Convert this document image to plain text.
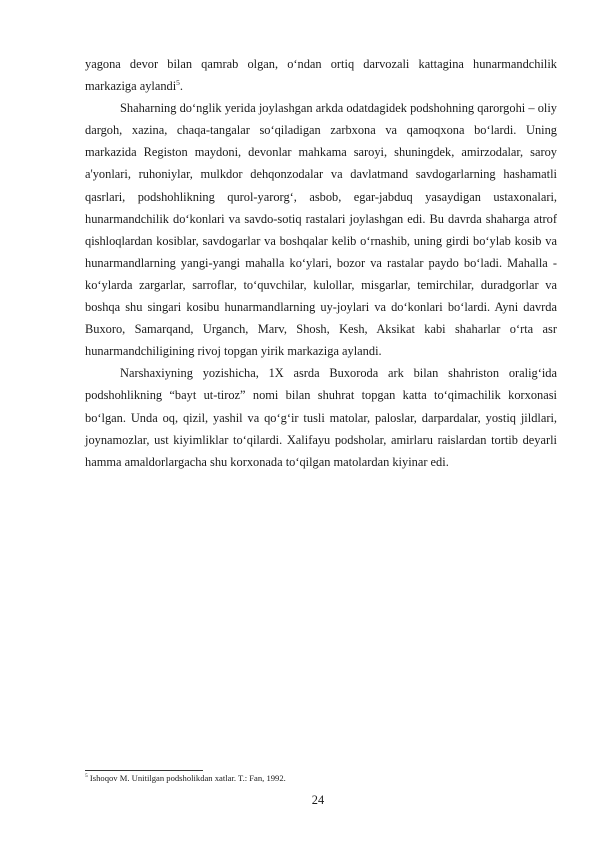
yagona devor bilan qamrab olgan, o‘ndan ortiq darvozali kattagina hunarmandchilik markaziga aylandi$^5$.

Shaharning do‘nglik yerida joylashgan arkda odatdagidek podshohning qarorgohi – oliy dargoh, xazina, chaqa-tangalar so‘qiladigan zarbxona va qamoqxona bo‘lardi. Uning markazida Registon maydoni, devonlar mahkama saroyi, shuningdek, amirzodalar, saroy a'yonlari, ruhoniylar, mulkdor dehqonzodalar va davlatmand savdogarlarning hashamatli qasrlari, podshohlikning qurol-yarorg‘, asbob, egar-jabduq yasaydigan ustaxonalari, hunarmandchilik do‘konlari va savdo-sotiq rastalari joylashgan edi. Bu davrda shaharga atrof qishloqlardan kosiblar, savdogarlar va boshqalar kelib o‘rnashib, uning girdi bo‘ylab kosib va hunarmandlarning yangi-yangi mahalla ko‘ylari, bozor va rastalar paydo bo‘ladi. Mahalla -ko‘ylarda zargarlar, sarroflar, to‘quvchilar, kulollar, misgarlar, temirchilar, duradgorlar va boshqa shu singari kosibu hunarmandlarning uy-joylari va do‘konlari bo‘lardi. Ayni davrda Buxoro, Samarqand, Urganch, Marv, Shosh, Kesh, Aksikat kabi shaharlar o‘rta asr hunarmandchiligining rivoj topgan yirik markaziga aylandi.

Narshaxiyning yozishicha, 1X asrda Buxoroda ark bilan shahriston oralig‘ida podshohlikning “bayt ut-tiroz” nomi bilan shuhrat topgan katta to‘qimachilik korxonasi bo‘lgan. Unda oq, qizil, yashil va qo‘g‘ir tusli matolar, paloslar, darpardalar, yostiq jildlari, joynamozlar, ust kiyimliklar to‘qilardi. Xalifayu podsholar, amirlaru raislardan tortib deyarli hamma amaldorlargacha shu korxonada to‘qilgan matolardan kiyinar edi.

$^5$ Ishoqov M. Unitilgan podsholikdan xatlar. T.: Fan, 1992.
24
